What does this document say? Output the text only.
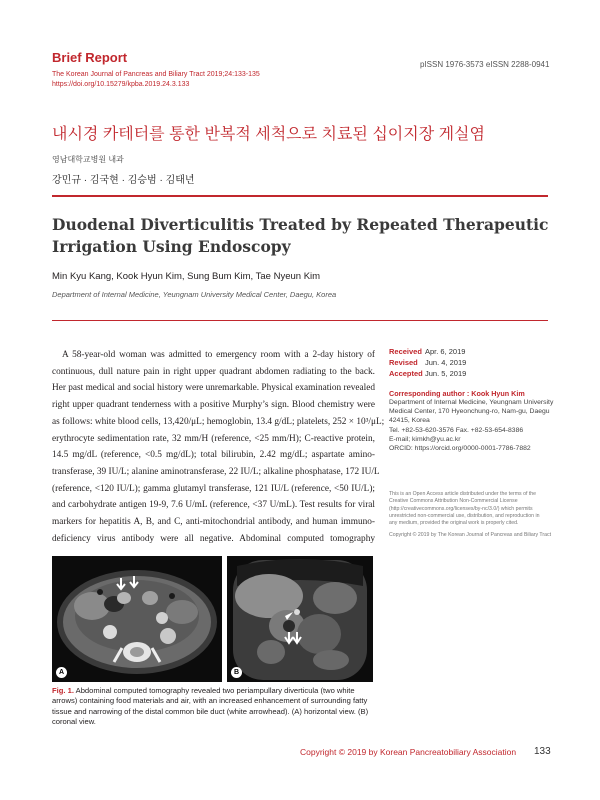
Brief Report	pISSN 1976-3573 eISSN 2288-0941
The Korean Journal of Pancreas and Biliary Tract 2019;24:133-135
https://doi.org/10.15279/kpba.2019.24.3.133
내시경 카테터를 통한 반복적 세척으로 치료된 십이지장 게실염
영남대학교병원 내과
강민규 · 김국현 · 김승범 · 김태년
Duodenal Diverticulitis Treated by Repeated Therapeutic Irrigation Using Endoscopy
Min Kyu Kang, Kook Hyun Kim, Sung Bum Kim, Tae Nyeun Kim
Department of Internal Medicine, Yeungnam University Medical Center, Daegu, Korea
A 58-year-old woman was admitted to emergency room with a 2-day history of
continuous, dull nature pain in right upper quadrant abdomen radiating to the back.
Her past medical and social history were unremarkable. Physical examination revealed
right upper quadrant tenderness with a positive Murphy’s sign. Blood chemistry were
as follows: white blood cells, 13,420/μL; hemoglobin, 13.4 g/dL; platelets, 252 × 10³/μL;
erythrocyte sedimentation rate, 32 mm/H (reference, <25 mm/H); C-reactive protein,
14.5 mg/dL (reference, <0.5 mg/dL); total bilirubin, 2.42 mg/dL; aspartate amino-
transferase, 39 IU/L; alanine aminotransferase, 22 IU/L; alkaline phosphatase, 172 IU/L
(reference, <120 IU/L); gamma glutamyl transferase, 121 IU/L (reference, <50 IU/L);
and carbohydrate antigen 19-9, 7.6 U/mL (reference, <37 U/mL). Test results for viral
markers for hepatitis A, B, and C, anti-mitochondrial antibody, and human immuno-
deficiency virus antibody were all negative. Abdominal computed tomography
Received Apr. 6, 2019
Revised Jun. 4, 2019
Accepted Jun. 5, 2019
Corresponding author : Kook Hyun Kim
Department of Internal Medicine, Yeungnam University
Medical Center, 170 Hyeonchung-ro, Nam-gu, Daegu
42415, Korea
Tel. +82-53-620-3576 Fax. +82-53-654-8386
E-mail; kimkh@yu.ac.kr
ORCID: https://orcid.org/0000-0001-7786-7882
This is an Open Access article distributed under the terms of the Creative Commons Attribution Non-Commercial License (http://creativecommons.org/licenses/by-nc/3.0/) which permits unrestricted non-commercial use, distribution, and reproduction in any medium, provided the original work is properly cited.
Copyright © 2019 by The Korean Journal of Pancreas and Biliary Tract
A	B
Fig. 1. Abdominal computed tomography revealed two periampullary diverticula (two white arrows) containing food materials and air, with an increased enhancement of surrounding fatty tissue and narrowing of the distal common bile duct (white arrowhead). (A) horizontal view. (B) coronal view.
Copyright © 2019 by Korean Pancreatobiliary Association 133
